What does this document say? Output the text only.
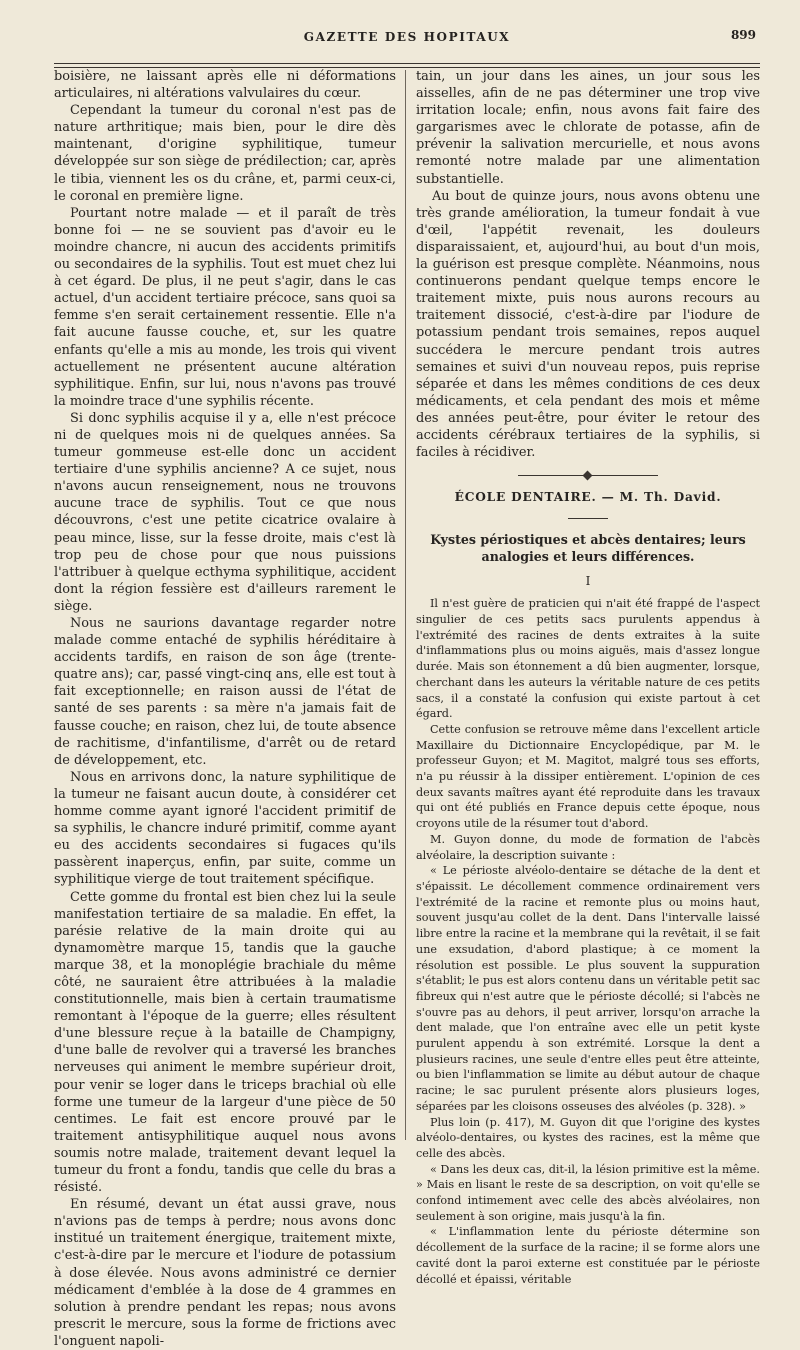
GAZETTE DES HOPITAUX	899

boisière, ne laissant après elle ni déformations articulaires, ni altérations valvulaires du cœur.

Cependant la tumeur du coronal n'est pas de nature arthritique; mais bien, pour le dire dès maintenant, d'origine syphilitique, tumeur développée sur son siège de prédilection; car, après le tibia, viennent les os du crâne, et, parmi ceux-ci, le coronal en première ligne.

Pourtant notre malade — et il paraît de très bonne foi — ne se souvient pas d'avoir eu le moindre chancre, ni aucun des accidents primitifs ou secondaires de la syphilis. Tout est muet chez lui à cet égard. De plus, il ne peut s'agir, dans le cas actuel, d'un accident tertiaire précoce, sans quoi sa femme s'en serait certainement ressentie. Elle n'a fait aucune fausse couche, et, sur les quatre enfants qu'elle a mis au monde, les trois qui vivent actuellement ne présentent aucune altération syphilitique. Enfin, sur lui, nous n'avons pas trouvé la moindre trace d'une syphilis récente.

Si donc syphilis acquise il y a, elle n'est précoce ni de quelques mois ni de quelques années. Sa tumeur gommeuse est-elle donc un accident tertiaire d'une syphilis ancienne? A ce sujet, nous n'avons aucun renseignement, nous ne trouvons aucune trace de syphilis. Tout ce que nous découvrons, c'est une petite cicatrice ovalaire à peau mince, lisse, sur la fesse droite, mais c'est là trop peu de chose pour que nous puissions l'attribuer à quelque ecthyma syphilitique, accident dont la région fessière est d'ailleurs rarement le siège.

Nous ne saurions davantage regarder notre malade comme entaché de syphilis héréditaire à accidents tardifs, en raison de son âge (trente-quatre ans); car, passé vingt-cinq ans, elle est tout à fait exceptionnelle; en raison aussi de l'état de santé de ses parents : sa mère n'a jamais fait de fausse couche; en raison, chez lui, de toute absence de rachitisme, d'infantilisme, d'arrêt ou de retard de développement, etc.

Nous en arrivons donc, la nature syphilitique de la tumeur ne faisant aucun doute, à considérer cet homme comme ayant ignoré l'accident primitif de sa syphilis, le chancre induré primitif, comme ayant eu des accidents secondaires si fugaces qu'ils passèrent inaperçus, enfin, par suite, comme un syphilitique vierge de tout traitement spécifique.

Cette gomme du frontal est bien chez lui la seule manifestation tertiaire de sa maladie. En effet, la parésie relative de la main droite qui au dynamomètre marque 15, tandis que la gauche marque 38, et la monoplégie brachiale du même côté, ne sauraient être attribuées à la maladie constitutionnelle, mais bien à certain traumatisme remontant à l'époque de la guerre; elles résultent d'une blessure reçue à la bataille de Champigny, d'une balle de revolver qui a traversé les branches nerveuses qui animent le membre supérieur droit, pour venir se loger dans le triceps brachial où elle forme une tumeur de la largeur d'une pièce de 50 centimes. Le fait est encore prouvé par le traitement antisyphilitique auquel nous avons soumis notre malade, traitement devant lequel la tumeur du front a fondu, tandis que celle du bras a résisté.

En résumé, devant un état aussi grave, nous n'avions pas de temps à perdre; nous avons donc institué un traitement énergique, traitement mixte, c'est-à-dire par le mercure et l'iodure de potassium à dose élevée. Nous avons administré ce dernier médicament d'emblée à la dose de 4 grammes en solution à prendre pendant les repas; nous avons prescrit le mercure, sous la forme de frictions avec l'onguent napoli-

tain, un jour dans les aines, un jour sous les aisselles, afin de ne pas déterminer une trop vive irritation locale; enfin, nous avons fait faire des gargarismes avec le chlorate de potasse, afin de prévenir la salivation mercurielle, et nous avons remonté notre malade par une alimentation substantielle.

Au bout de quinze jours, nous avons obtenu une très grande amélioration, la tumeur fondait à vue d'œil, l'appétit revenait, les douleurs disparaissaient, et, aujourd'hui, au bout d'un mois, la guérison est presque complète. Néanmoins, nous continuerons pendant quelque temps encore le traitement mixte, puis nous aurons recours au traitement dissocié, c'est-à-dire par l'iodure de potassium pendant trois semaines, repos auquel succédera le mercure pendant trois autres semaines et suivi d'un nouveau repos, puis reprise séparée et dans les mêmes conditions de ces deux médicaments, et cela pendant des mois et même des années peut-être, pour éviter le retour des accidents cérébraux tertiaires de la syphilis, si faciles à récidiver.

ÉCOLE DENTAIRE. — M. Th. David.
Kystes périostiques et abcès dentaires; leurs analogies et leurs différences.
I

Il n'est guère de praticien qui n'ait été frappé de l'aspect singulier de ces petits sacs purulents appendus à l'extrémité des racines de dents extraites à la suite d'inflammations plus ou moins aiguës, mais d'assez longue durée. Mais son étonnement a dû bien augmenter, lorsque, cherchant dans les auteurs la véritable nature de ces petits sacs, il a constaté la confusion qui existe partout à cet égard.

Cette confusion se retrouve même dans l'excellent article Maxillaire du Dictionnaire Encyclopédique, par M. le professeur Guyon; et M. Magitot, malgré tous ses efforts, n'a pu réussir à la dissiper entièrement. L'opinion de ces deux savants maîtres ayant été reproduite dans les travaux qui ont été publiés en France depuis cette époque, nous croyons utile de la résumer tout d'abord.

M. Guyon donne, du mode de formation de l'abcès alvéolaire, la description suivante :

« Le périoste alvéolo-dentaire se détache de la dent et s'épaissit. Le décollement commence ordinairement vers l'extrémité de la racine et remonte plus ou moins haut, souvent jusqu'au collet de la dent. Dans l'intervalle laissé libre entre la racine et la membrane qui la revêtait, il se fait une exsudation, d'abord plastique; à ce moment la résolution est possible. Le plus souvent la suppuration s'établit; le pus est alors contenu dans un véritable petit sac fibreux qui n'est autre que le périoste décollé; si l'abcès ne s'ouvre pas au dehors, il peut arriver, lorsqu'on arrache la dent malade, que l'on entraîne avec elle un petit kyste purulent appendu à son extrémité. Lorsque la dent a plusieurs racines, une seule d'entre elles peut être atteinte, ou bien l'inflammation se limite au début autour de chaque racine; le sac purulent présente alors plusieurs loges, séparées par les cloisons osseuses des alvéoles (p. 328). »

Plus loin (p. 417), M. Guyon dit que l'origine des kystes alvéolo-dentaires, ou kystes des racines, est la même que celle des abcès.

« Dans les deux cas, dit-il, la lésion primitive est la même. » Mais en lisant le reste de sa description, on voit qu'elle se confond intimement avec celle des abcès alvéolaires, non seulement à son origine, mais jusqu'à la fin.

« L'inflammation lente du périoste détermine son décollement de la surface de la racine; il se forme alors une cavité dont la paroi externe est constituée par le périoste décollé et épaissi, véritable
